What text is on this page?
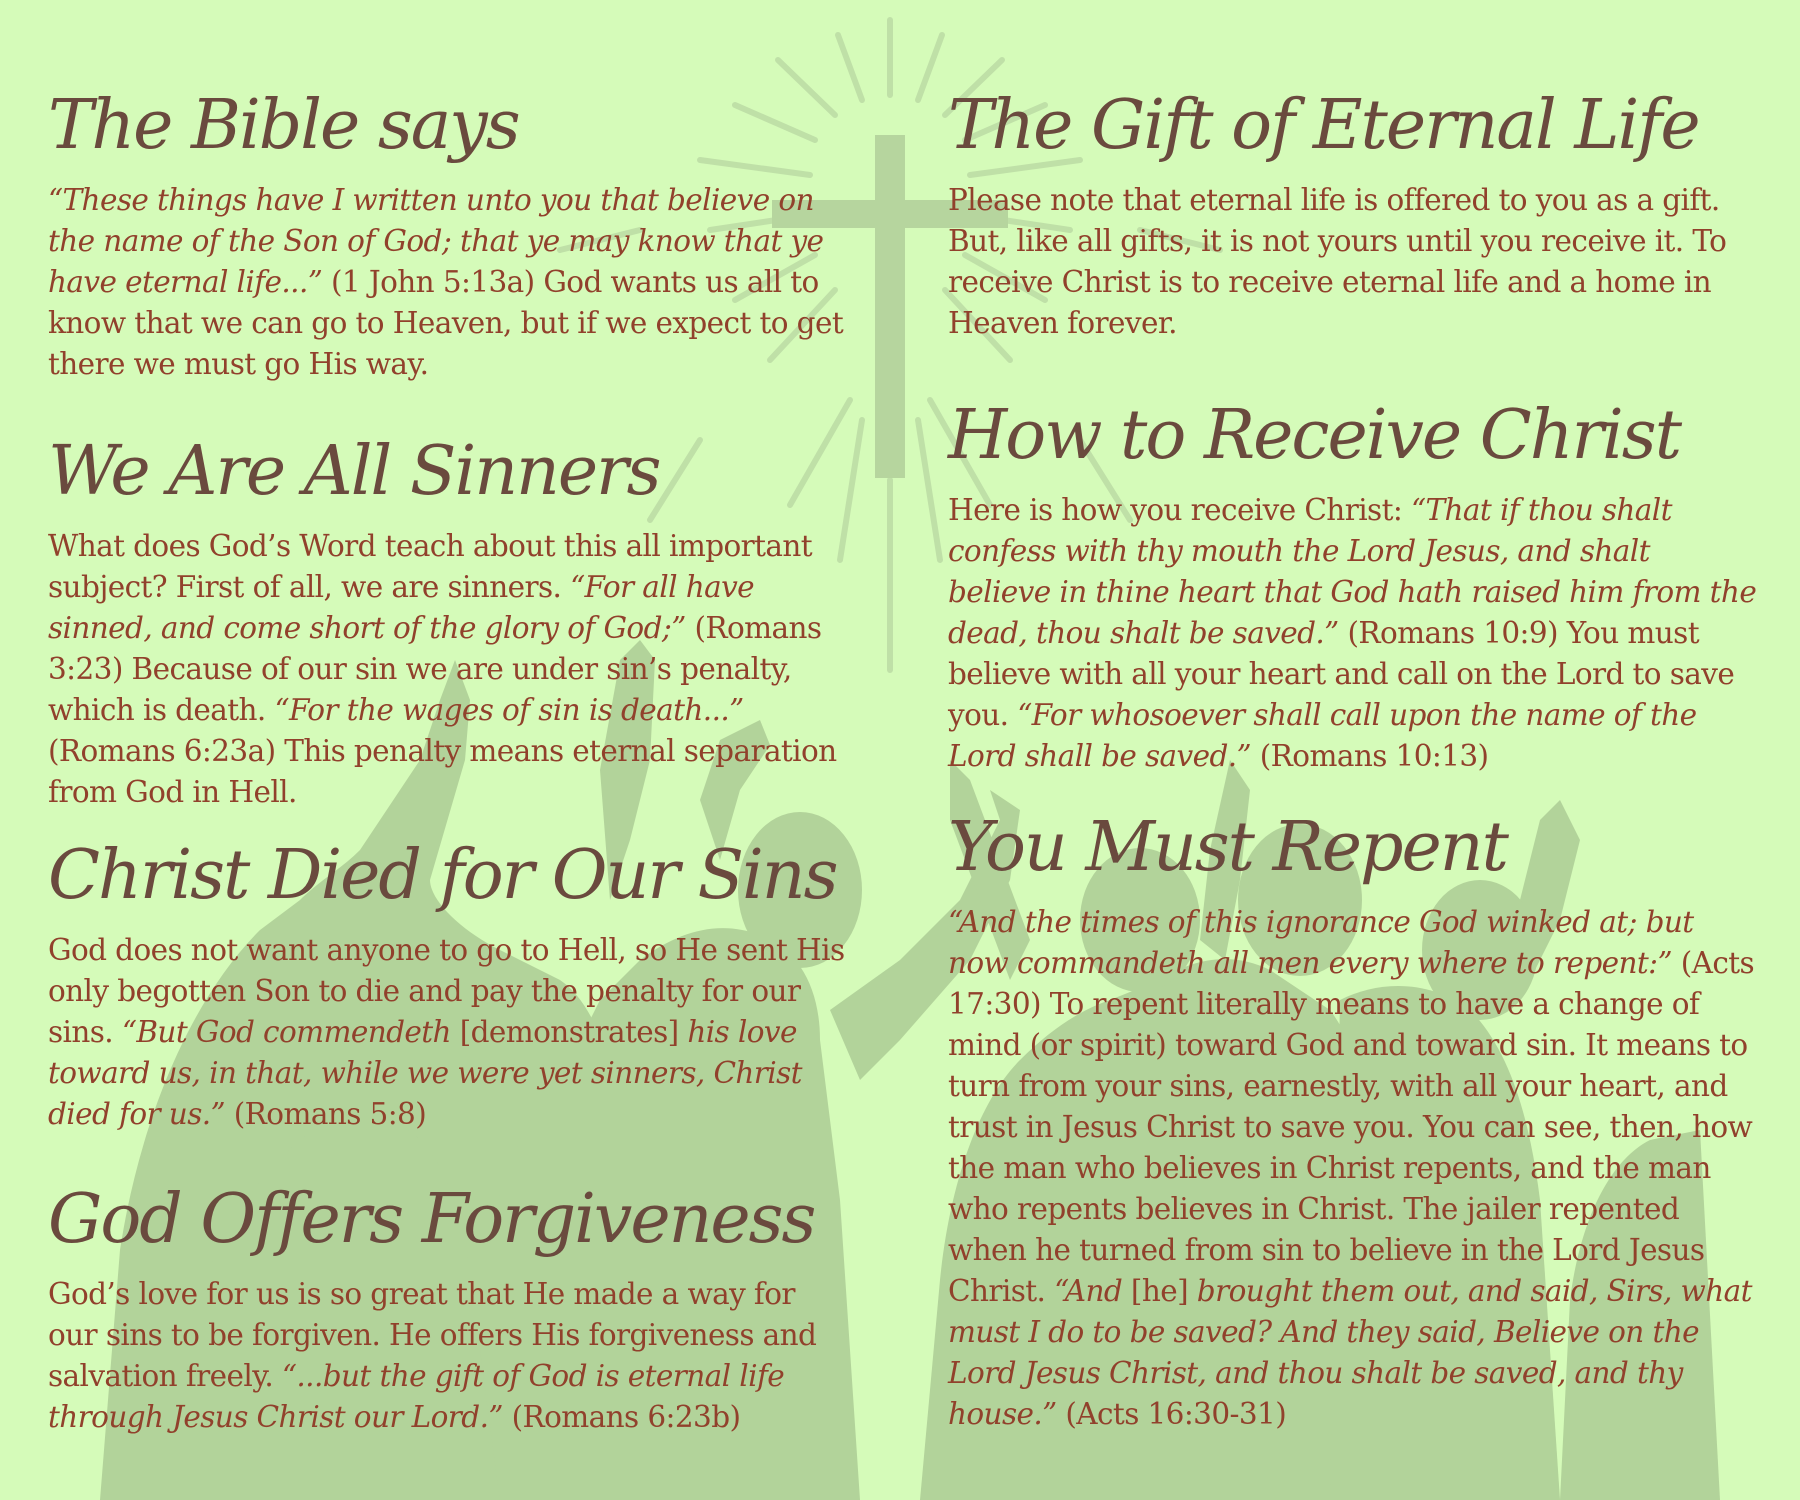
The Bible says

“These things have I written unto you that believe on the name of the Son of God; that ye may know that ye have eternal life...” (1 John 5:13a) God wants us all to know that we can go to Heaven, but if we expect to get there we must go His way.

We Are All Sinners

What does God’s Word teach about this all important subject? First of all, we are sinners. “For all have sinned, and come short of the glory of God;” (Romans 3:23) Because of our sin we are under sin’s penalty, which is death. “For the wages of sin is death...” (Romans 6:23a) This penalty means eternal separation from God in Hell.

Christ Died for Our Sins

God does not want anyone to go to Hell, so He sent His only begotten Son to die and pay the penalty for our sins. “But God commendeth [demonstrates] his love toward us, in that, while we were yet sinners, Christ died for us.” (Romans 5:8)

God Offers Forgiveness

God’s love for us is so great that He made a way for our sins to be forgiven. He offers His forgiveness and salvation freely. “...but the gift of God is eternal life through Jesus Christ our Lord.” (Romans 6:23b)

The Gift of Eternal Life

Please note that eternal life is offered to you as a gift. But, like all gifts, it is not yours until you receive it. To receive Christ is to receive eternal life and a home in Heaven forever.

How to Receive Christ

Here is how you receive Christ: “That if thou shalt confess with thy mouth the Lord Jesus, and shalt believe in thine heart that God hath raised him from the dead, thou shalt be saved.” (Romans 10:9) You must believe with all your heart and call on the Lord to save you. “For whosoever shall call upon the name of the Lord shall be saved.” (Romans 10:13)

You Must Repent

“And the times of this ignorance God winked at; but now commandeth all men every where to repent:” (Acts 17:30) To repent literally means to have a change of mind (or spirit) toward God and toward sin. It means to turn from your sins, earnestly, with all your heart, and trust in Jesus Christ to save you. You can see, then, how the man who believes in Christ repents, and the man who repents believes in Christ. The jailer repented when he turned from sin to believe in the Lord Jesus Christ. “And [he] brought them out, and said, Sirs, what must I do to be saved? And they said, Believe on the Lord Jesus Christ, and thou shalt be saved, and thy house.” (Acts 16:30-31)
